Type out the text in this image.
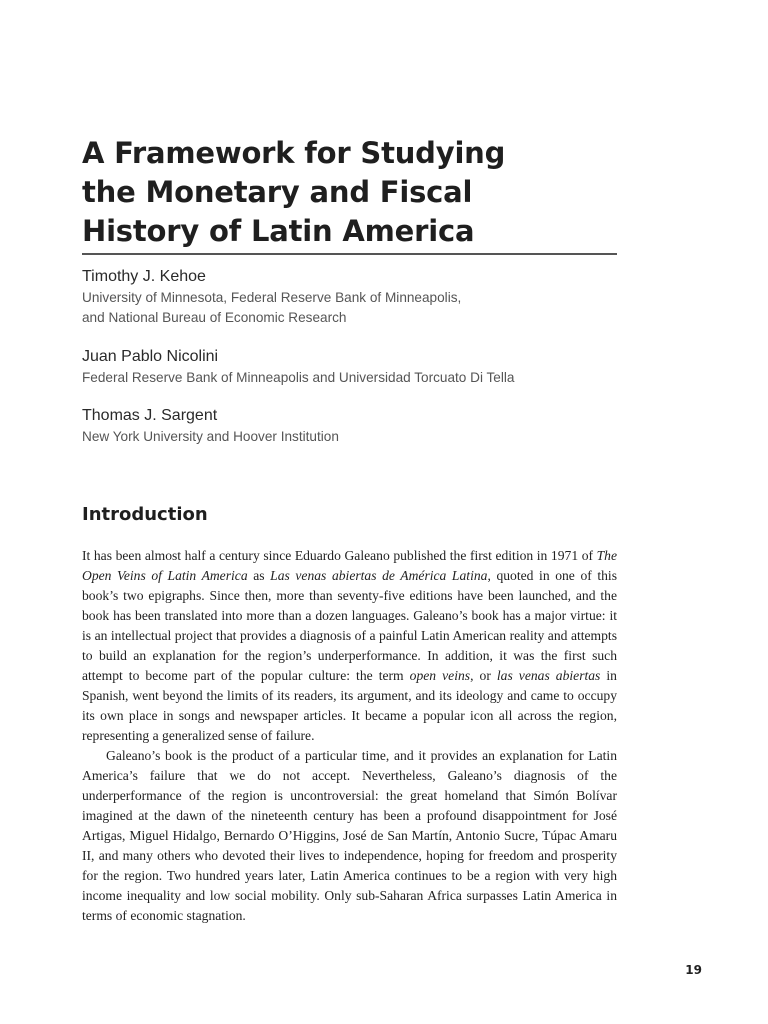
A Framework for Studying
the Monetary and Fiscal
History of Latin America
Timothy J. Kehoe
University of Minnesota, Federal Reserve Bank of Minneapolis,
and National Bureau of Economic Research
Juan Pablo Nicolini
Federal Reserve Bank of Minneapolis and Universidad Torcuato Di Tella
Thomas J. Sargent
New York University and Hoover Institution
Introduction

It has been almost half a century since Eduardo Galeano published the first edition in 1971 of The Open Veins of Latin America as Las venas abiertas de América Latina, quoted in one of this book’s two epigraphs. Since then, more than seventy-five editions have been launched, and the book has been translated into more than a dozen languages. Galeano’s book has a major virtue: it is an intellectual project that provides a diagnosis of a painful Latin American reality and attempts to build an explanation for the region’s underperformance. In addition, it was the first such attempt to become part of the popular culture: the term open veins, or las venas abiertas in Spanish, went beyond the limits of its readers, its argument, and its ideology and came to occupy its own place in songs and newspaper articles. It became a popular icon all across the region, representing a generalized sense of failure.

Galeano’s book is the product of a particular time, and it provides an explanation for Latin America’s failure that we do not accept. Nevertheless, Galeano’s diagnosis of the underperformance of the region is uncontroversial: the great homeland that Simón Bolívar imagined at the dawn of the nineteenth century has been a profound disappointment for José Artigas, Miguel Hidalgo, Bernardo O’Higgins, José de San Martín, Antonio Sucre, Túpac Amaru II, and many others who devoted their lives to independence, hoping for freedom and prosperity for the region. Two hundred years later, Latin America continues to be a region with very high income inequality and low social mobility. Only sub-Saharan Africa surpasses Latin America in terms of economic stagnation.

19
